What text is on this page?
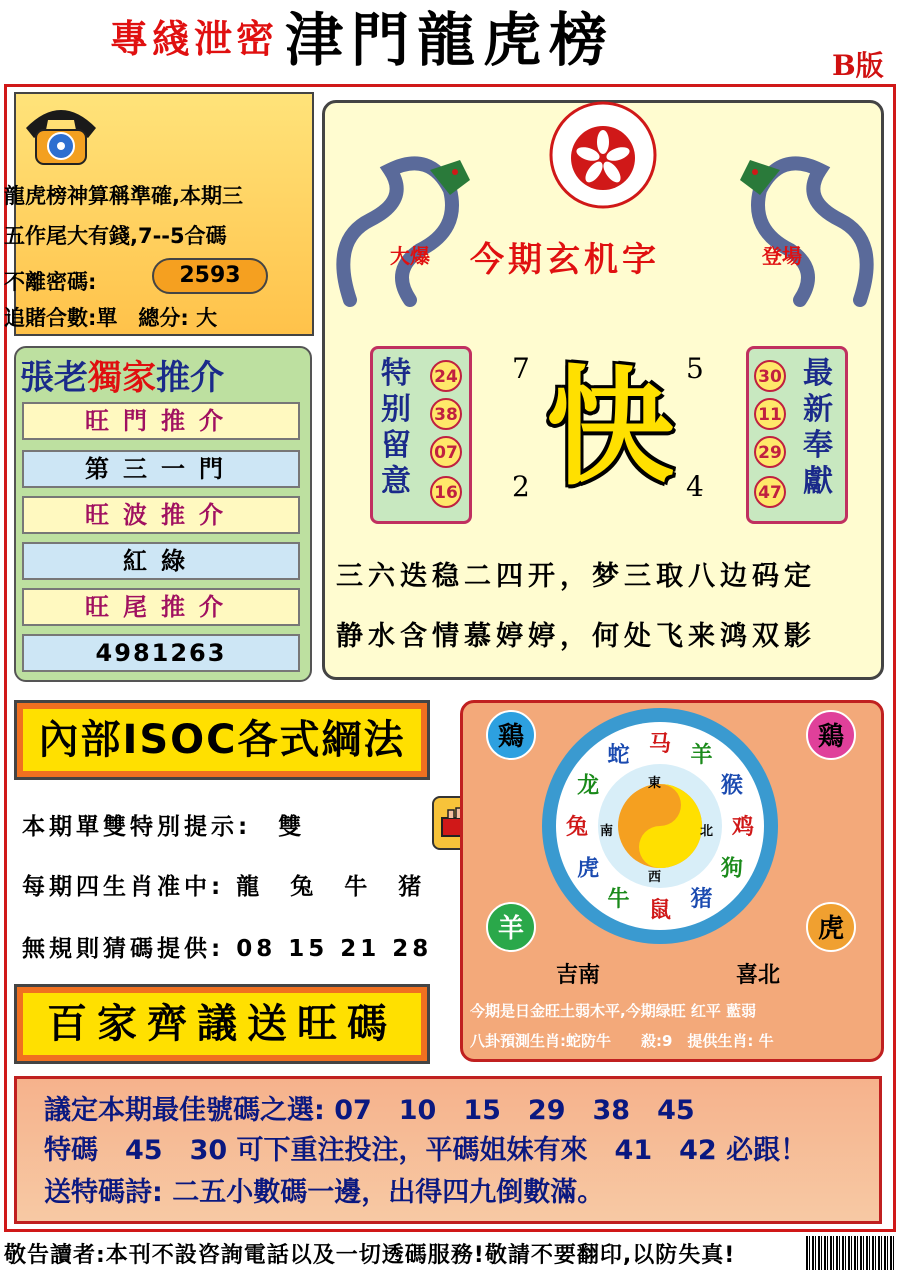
津門龍虎榜	B版
專綫泄密
龍虎榜神算稱準確,本期三
五作尾大有錢,7--5合碼
不離密碼:	2593
追賭合數:單　總分: 大
張老獨家推介
旺門推介
第三一門
旺波推介
紅綠
旺尾推介
4981263
大爆 今期玄机字	登場
特
别
留
意
24
38
07
16
7	5
2	4
快	30
11
29
47
最
新
奉
獻
三六迭稳二四开，梦三取八边码定
静水含情慕婷婷，何处飞来鸿双影
內部ISOC各式綱法
本期單雙特別提示:　雙
每期四生肖准中: 龍　兔　牛　猪
無規則猜碼提供: 08 15 21 28
百家齊議送旺碼
鶏	鶏
羊	虎
马 羊
猴
鸡
狗
猪
鼠
牛
虎
兔
龙
蛇
東
南	北
西
吉南	喜北
今期是日金旺土弱木平,今期绿旺 红平 藍弱
八卦預測生肖:蛇防牛　　殺:9　提供生肖: 牛
議定本期最佳號碼之選: 07　10　15　29　38　45
特碼　45　30 可下重注投注，平碼姐妹有來　41　42 必跟！
送特碼詩: 二五小數碼一邊，出得四九倒數滿。
敬告讀者:本刊不設咨詢電話以及一切透碼服務!敬請不要翻印,以防失真!
